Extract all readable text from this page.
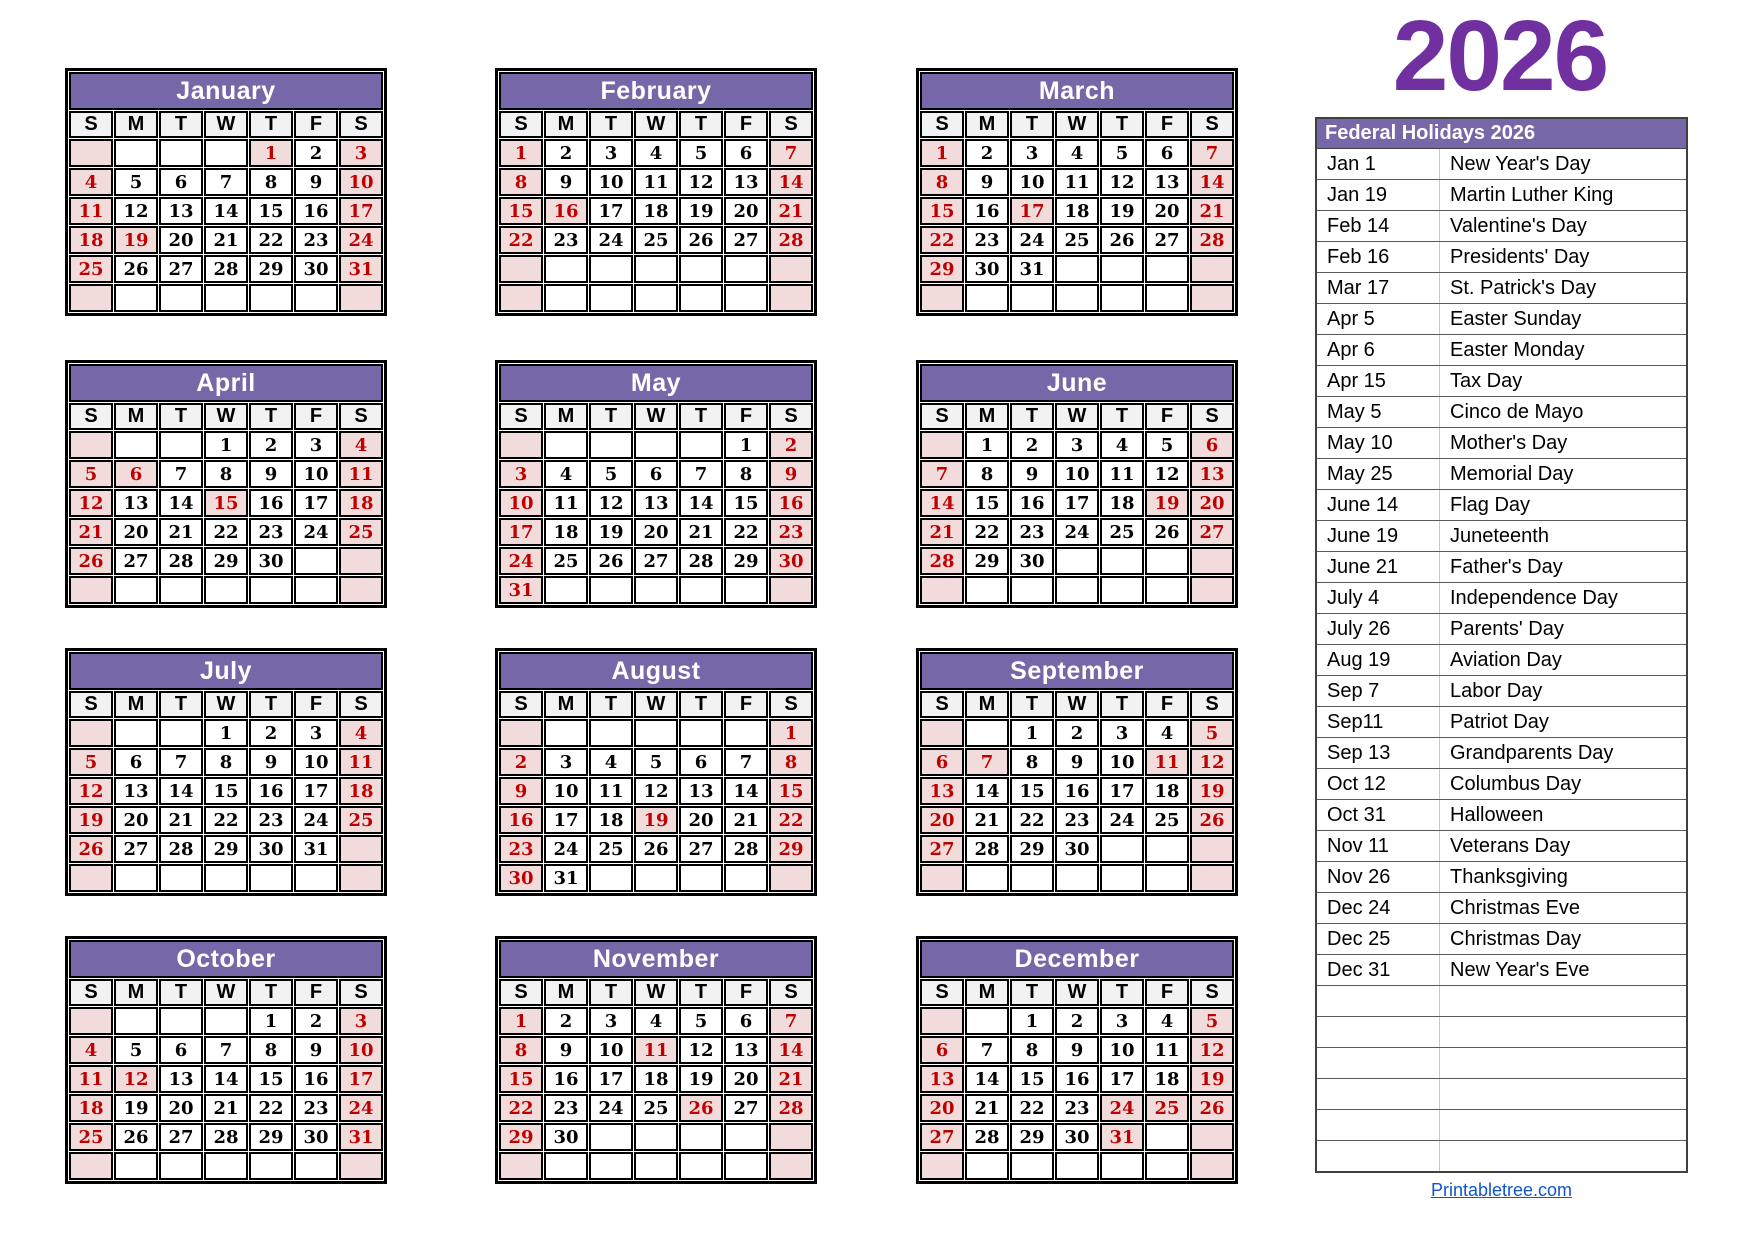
January						
S	M	T	W	T	F	S
				1	2	3
4	5	6	7	8	9	10
11	12	13	14	15	16	17
18	19	20	21	22	23	24
25	26	27	28	29	30	31

February						
S	M	T	W	T	F	S
1	2	3	4	5	6	7
8	9	10	11	12	13	14
15	16	17	18	19	20	21
22	23	24	25	26	27	28

March						
S	M	T	W	T	F	S
1	2	3	4	5	6	7
8	9	10	11	12	13	14
15	16	17	18	19	20	21
22	23	24	25	26	27	28
29	30	31				

April						
S	M	T	W	T	F	S
			1	2	3	4
5	6	7	8	9	10	11
12	13	14	15	16	17	18
21	20	21	22	23	24	25
26	27	28	29	30		

May						
S	M	T	W	T	F	S
					1	2
3	4	5	6	7	8	9
10	11	12	13	14	15	16
17	18	19	20	21	22	23
24	25	26	27	28	29	30
31						
June						
S	M	T	W	T	F	S
	1	2	3	4	5	6
7	8	9	10	11	12	13
14	15	16	17	18	19	20
21	22	23	24	25	26	27
28	29	30				

July						
S	M	T	W	T	F	S
			1	2	3	4
5	6	7	8	9	10	11
12	13	14	15	16	17	18
19	20	21	22	23	24	25
26	27	28	29	30	31	

August						
S	M	T	W	T	F	S
						1
2	3	4	5	6	7	8
9	10	11	12	13	14	15
16	17	18	19	20	21	22
23	24	25	26	27	28	29
30	31					
September						
S	M	T	W	T	F	S
		1	2	3	4	5
6	7	8	9	10	11	12
13	14	15	16	17	18	19
20	21	22	23	24	25	26
27	28	29	30			

October						
S	M	T	W	T	F	S
				1	2	3
4	5	6	7	8	9	10
11	12	13	14	15	16	17
18	19	20	21	22	23	24
25	26	27	28	29	30	31

November						
S	M	T	W	T	F	S
1	2	3	4	5	6	7
8	9	10	11	12	13	14
15	16	17	18	19	20	21
22	23	24	25	26	27	28
29	30					

December						
S	M	T	W	T	F	S
		1	2	3	4	5
6	7	8	9	10	11	12
13	14	15	16	17	18	19
20	21	22	23	24	25	26
27	28	29	30	31		

2026
Federal Holidays 2026	
Jan 1	New Year's Day
Jan 19	Martin Luther King
Feb 14	Valentine's Day
Feb 16	Presidents' Day
Mar 17	St. Patrick's Day
Apr 5	Easter Sunday
Apr 6	Easter Monday
Apr 15	Tax Day
May 5	Cinco de Mayo
May 10	Mother's Day
May 25	Memorial Day
June 14	Flag Day
June 19	Juneteenth
June 21	Father's Day
July 4	Independence Day
July 26	Parents' Day
Aug 19	Aviation Day
Sep 7	Labor Day
Sep11	Patriot Day
Sep 13	Grandparents Day
Oct 12	Columbus Day
Oct 31	Halloween
Nov 11	Veterans Day
Nov 26	Thanksgiving
Dec 24	Christmas Eve
Dec 25	Christmas Day
Dec 31	New Year's Eve

Printabletree.com
